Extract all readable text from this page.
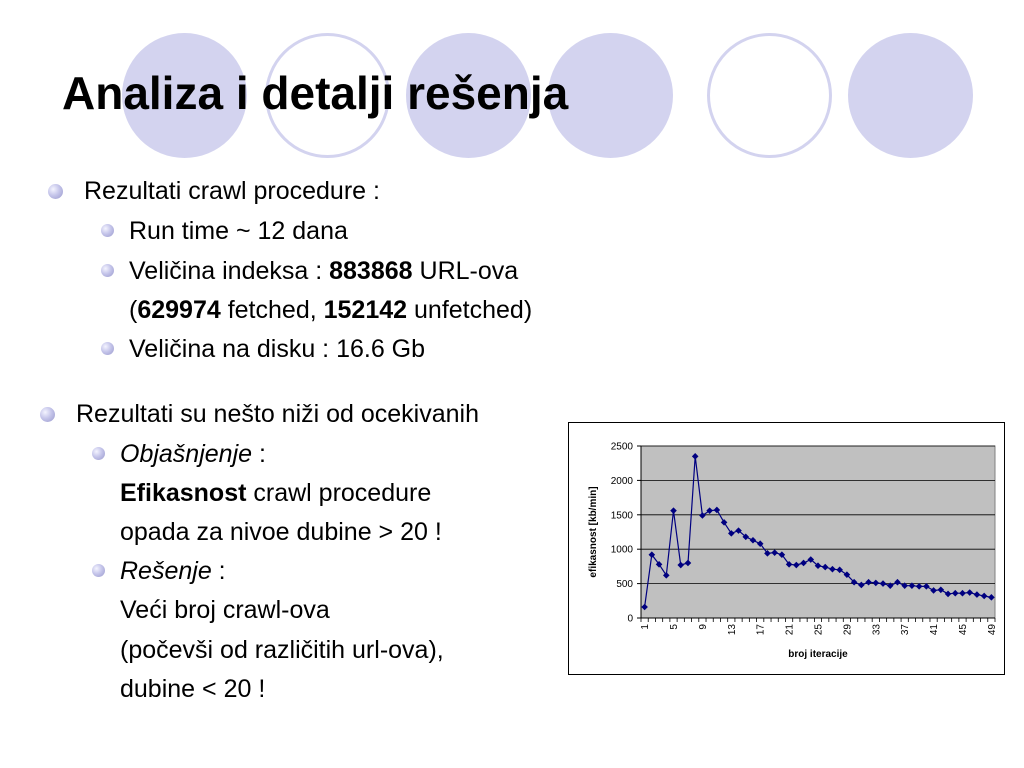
Analiza i detalji rešenja
Rezultati crawl procedure :
Run time ~ 12 dana
Veličina indeksa : 883868 URL-ova
(629974 fetched, 152142 unfetched)
Veličina na disku : 16.6 Gb
Rezultati su nešto niži od ocekivanih
Objašnjenje :
Efikasnost crawl procedure
opada za nivoe dubine > 20 !
Rešenje :
Veći broj crawl-ova
(počevši od različitih url-ova),
dubine < 20 !
0
500
1000
1500
2000
2500
1 5 9 13 17 21 25 29 33 37 41 45 49
broj iteracije
efikasnost [kb/min]
